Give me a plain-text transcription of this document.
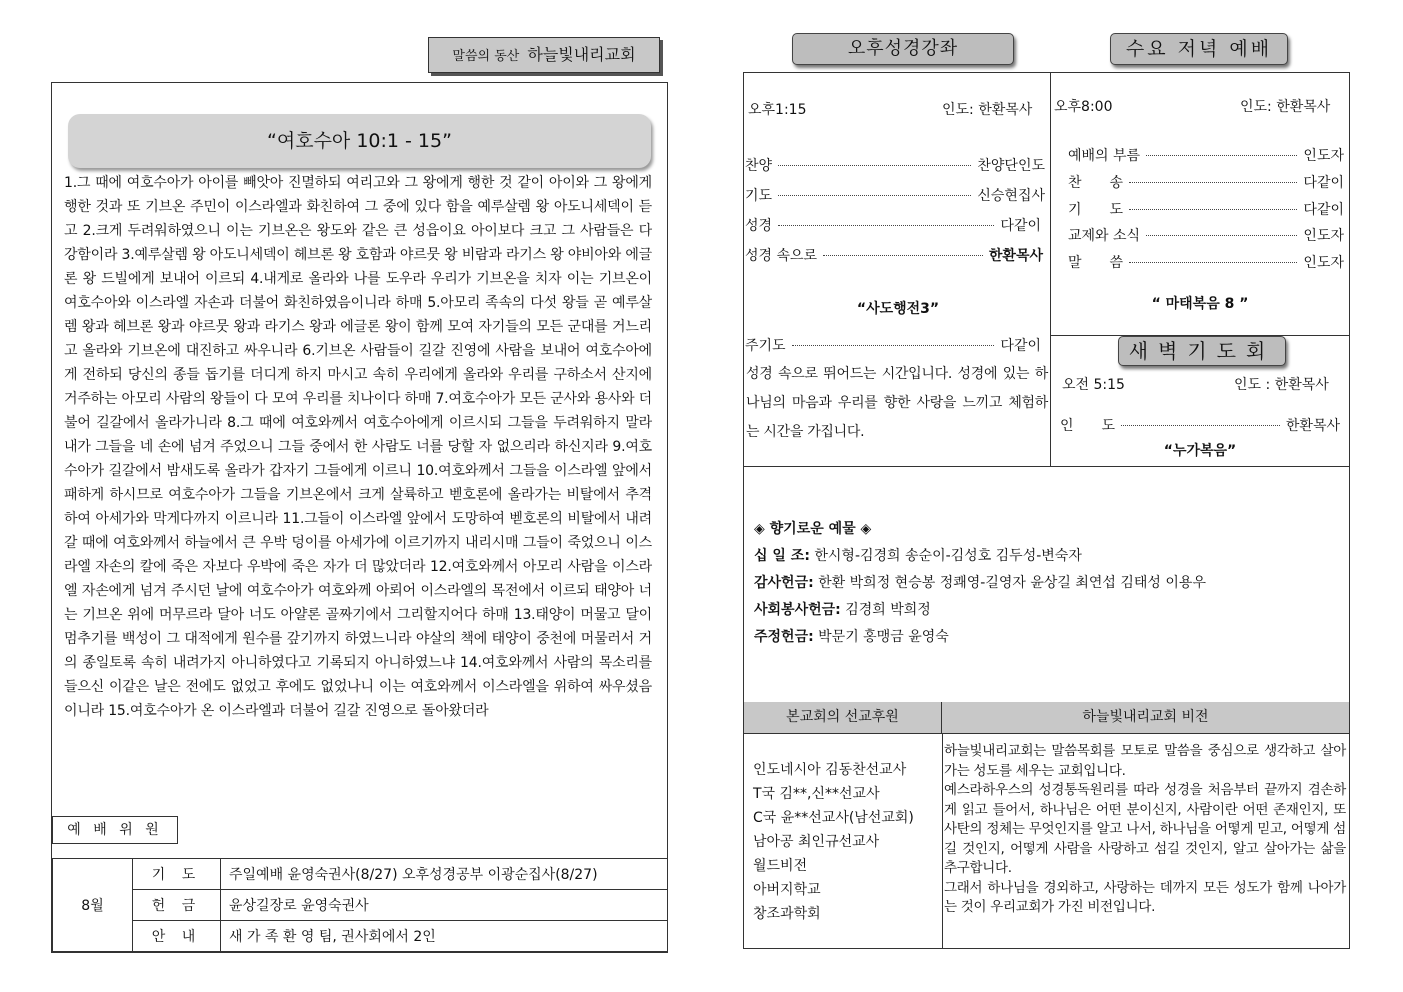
말씀의 동산 하늘빛내리교회
“여호수아 10:1 - 15”
1.그 때에 여호수아가 아이를 빼앗아 진멸하되 여리고와 그 왕에게 행한 것 같이 아이와 그 왕에게 행한 것과 또 기브온 주민이 이스라엘과 화친하여 그 중에 있다 함을 예루살렘 왕 아도니세덱이 듣고 2.크게 두려워하였으니 이는 기브온은 왕도와 같은 큰 성읍이요 아이보다 크고 그 사람들은 다 강함이라 3.예루살렘 왕 아도니세덱이 헤브론 왕 호함과 야르뭇 왕 비람과 라기스 왕 야비아와 에글론 왕 드빌에게 보내어 이르되 4.내게로 올라와 나를 도우라 우리가 기브온을 치자 이는 기브온이 여호수아와 이스라엘 자손과 더불어 화친하였음이니라 하매 5.아모리 족속의 다섯 왕들 곧 예루살렘 왕과 헤브론 왕과 야르뭇 왕과 라기스 왕과 에글론 왕이 함께 모여 자기들의 모든 군대를 거느리고 올라와 기브온에 대진하고 싸우니라 6.기브온 사람들이 길갈 진영에 사람을 보내어 여호수아에게 전하되 당신의 종들 돕기를 더디게 하지 마시고 속히 우리에게 올라와 우리를 구하소서 산지에 거주하는 아모리 사람의 왕들이 다 모여 우리를 치나이다 하매 7.여호수아가 모든 군사와 용사와 더불어 길갈에서 올라가니라 8.그 때에 여호와께서 여호수아에게 이르시되 그들을 두려워하지 말라 내가 그들을 네 손에 넘겨 주었으니 그들 중에서 한 사람도 너를 당할 자 없으리라 하신지라 9.여호수아가 길갈에서 밤새도록 올라가 갑자기 그들에게 이르니 10.여호와께서 그들을 이스라엘 앞에서 패하게 하시므로 여호수아가 그들을 기브온에서 크게 살륙하고 벧호론에 올라가는 비탈에서 추격하여 아세가와 막게다까지 이르니라 11.그들이 이스라엘 앞에서 도망하여 벧호론의 비탈에서 내려갈 때에 여호와께서 하늘에서 큰 우박 덩이를 아세가에 이르기까지 내리시매 그들이 죽었으니 이스라엘 자손의 칼에 죽은 자보다 우박에 죽은 자가 더 많았더라 12.여호와께서 아모리 사람을 이스라엘 자손에게 넘겨 주시던 날에 여호수아가 여호와께 아뢰어 이스라엘의 목전에서 이르되 태양아 너는 기브온 위에 머무르라 달아 너도 아얄론 골짜기에서 그리할지어다 하매 13.태양이 머물고 달이 멈추기를 백성이 그 대적에게 원수를 갚기까지 하였느니라 야살의 책에 태양이 중천에 머물러서 거의 종일토록 속히 내려가지 아니하였다고 기록되지 아니하였느냐 14.여호와께서 사람의 목소리를 들으신 이같은 날은 전에도 없었고 후에도 없었나니 이는 여호와께서 이스라엘을 위하여 싸우셨음이니라 15.여호수아가 온 이스라엘과 더불어 길갈 진영으로 돌아왔더라
예 배 위 원
8월	기 도	주일예배 윤영숙권사(8/27) 오후성경공부 이광순집사(8/27)
	헌 금	윤상길장로 윤영숙권사
	안 내	새 가 족 환 영 팀, 권사회에서 2인
오후성경강좌	수요 저녁 예배
오후1:15	인도: 한환목사
찬양	찬양단인도
기도	신승현집사
성경	다같이
성경 속으로	한환목사
“사도행전3”
주기도	다같이
성경 속으로 뛰어드는 시간입니다. 성경에 있는 하나님의 마음과 우리를 향한 사랑을 느끼고 체험하는 시간을 가집니다.
오후8:00	인도: 한환목사
예배의 부름	인도자
찬　　송	다같이
기　　도	다같이
교제와 소식	인도자
말　　씀	인도자
“ 마태복음 8 ”
새벽기도회
오전 5:15	인도 : 한환목사
인　　도	한환목사
“누가복음”
◈ 향기로운 예물 ◈
십 일 조: 한시형-김경희 송순이-김성호 김두성-변숙자
감사헌금: 한환 박희정 현승봉 정쾌영-길영자 윤상길 최연섭 김태성 이용우
사회봉사헌금: 김경희 박희정
주정헌금: 박문기 홍맹금 윤영숙
본교회의 선교후원	하늘빛내리교회 비전
인도네시아 김동찬선교사
T국 김**,신**선교사
C국 윤**선교사(남선교회)
남아공 최인규선교사
월드비전
아버지학교
창조과학회
하늘빛내리교회는 말씀목회를 모토로 말씀을 중심으로 생각하고 살아가는 성도를 세우는 교회입니다.
예스라하우스의 성경통독원리를 따라 성경을 처음부터 끝까지 겸손하게 읽고 들어서, 하나님은 어떤 분이신지, 사람이란 어떤 존재인지, 또 사탄의 정체는 무엇인지를 알고 나서, 하나님을 어떻게 믿고, 어떻게 섬길 것인지, 어떻게 사람을 사랑하고 섬길 것인지, 알고 살아가는 삶을 추구합니다.
그래서 하나님을 경외하고, 사랑하는 데까지 모든 성도가 함께 나아가는 것이 우리교회가 가진 비전입니다.
